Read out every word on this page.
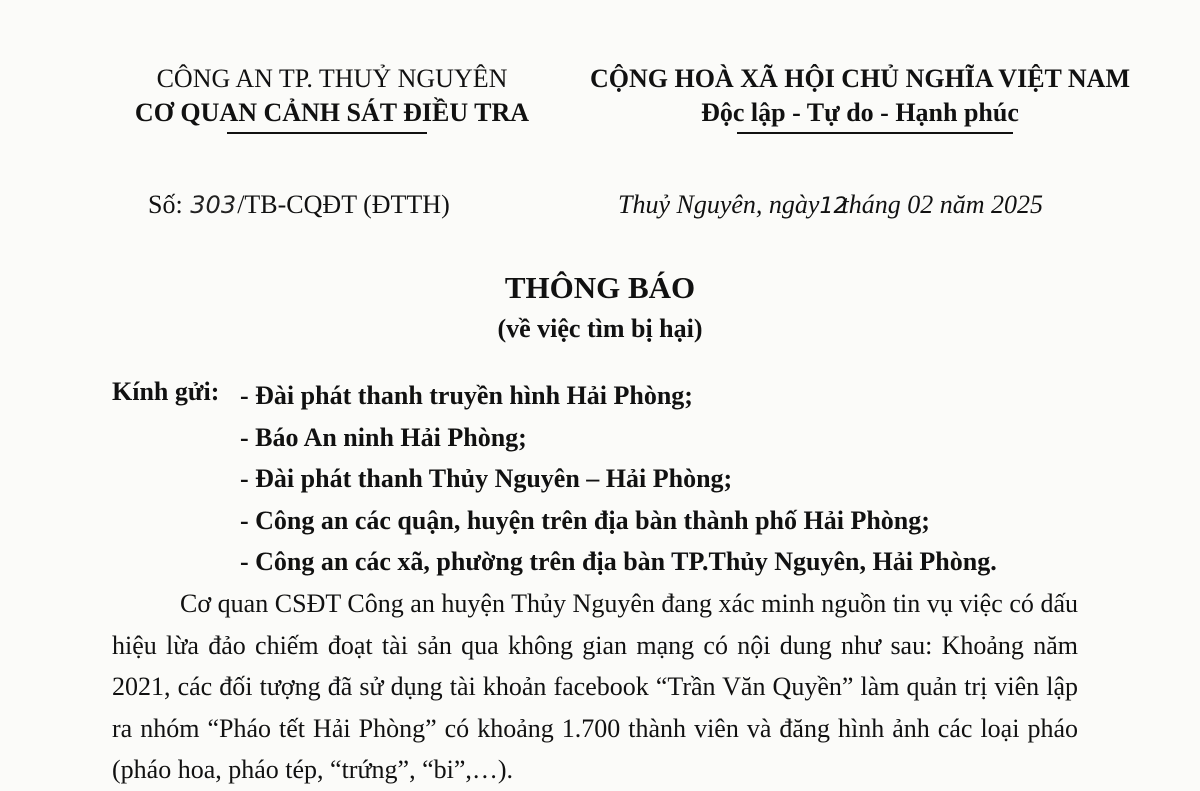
CÔNG AN TP. THUỶ NGUYÊN
CƠ QUAN CẢNH SÁT ĐIỀU TRA
CỘNG HOÀ XÃ HỘI CHỦ NGHĨA VIỆT NAM
Độc lập - Tự do - Hạnh phúc
Số: 303/TB-CQĐT (ĐTTH)	Thuỷ Nguyên, ngày12tháng 02 năm 2025
THÔNG BÁO
(về việc tìm bị hại)
Kính gửi: - Đài phát thanh truyền hình Hải Phòng;
- Báo An ninh Hải Phòng;
- Đài phát thanh Thủy Nguyên – Hải Phòng;
- Công an các quận, huyện trên địa bàn thành phố Hải Phòng;
- Công an các xã, phường trên địa bàn TP.Thủy Nguyên, Hải Phòng.

Cơ quan CSĐT Công an huyện Thủy Nguyên đang xác minh nguồn tin vụ việc có dấu hiệu lừa đảo chiếm đoạt tài sản qua không gian mạng có nội dung như sau: Khoảng năm 2021, các đối tượng đã sử dụng tài khoản facebook “Trần Văn Quyền” làm quản trị viên lập ra nhóm “Pháo tết Hải Phòng” có khoảng 1.700 thành viên và đăng hình ảnh các loại pháo (pháo hoa, pháo tép, “trứng”, “bi”,…).
